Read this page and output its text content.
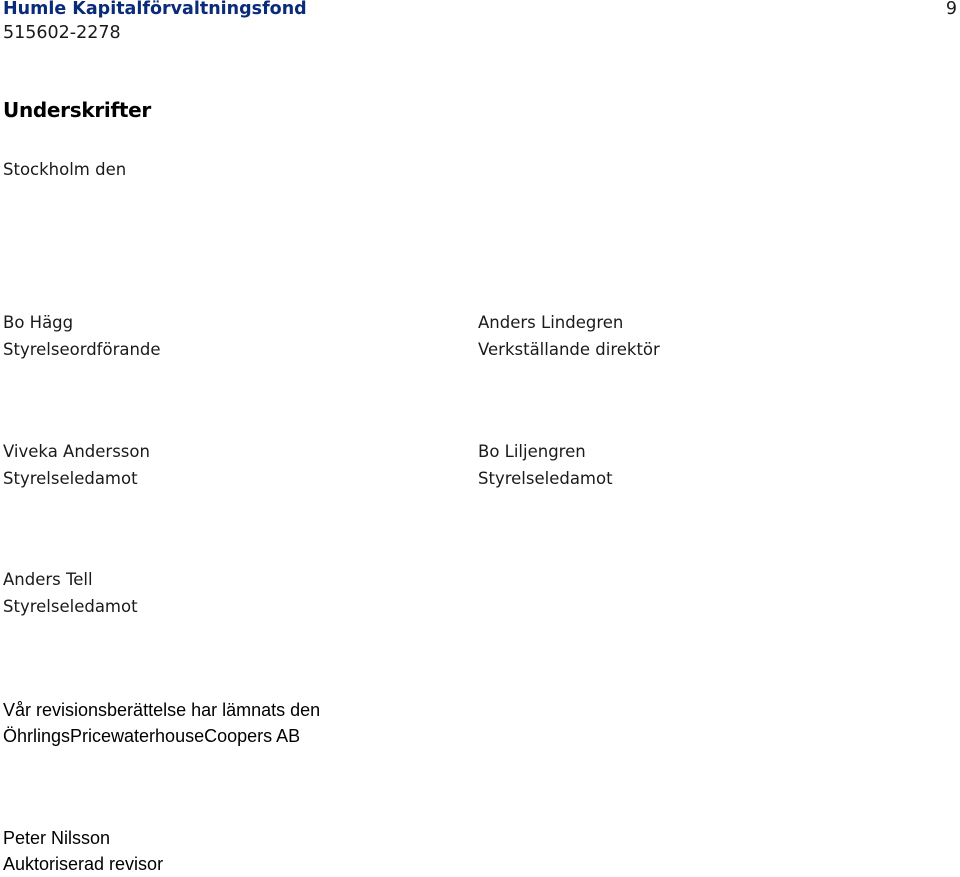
Humle Kapitalförvaltningsfond
515602-2278
9
Underskrifter
Stockholm den
Bo Hägg
Styrelseordförande
Anders Lindegren
Verkställande direktör
Viveka Andersson
Styrelseledamot
Bo Liljengren
Styrelseledamot
Anders Tell
Styrelseledamot
Vår revisionsberättelse har lämnats den
ÖhrlingsPricewaterhouseCoopers AB
Peter Nilsson
Auktoriserad revisor
